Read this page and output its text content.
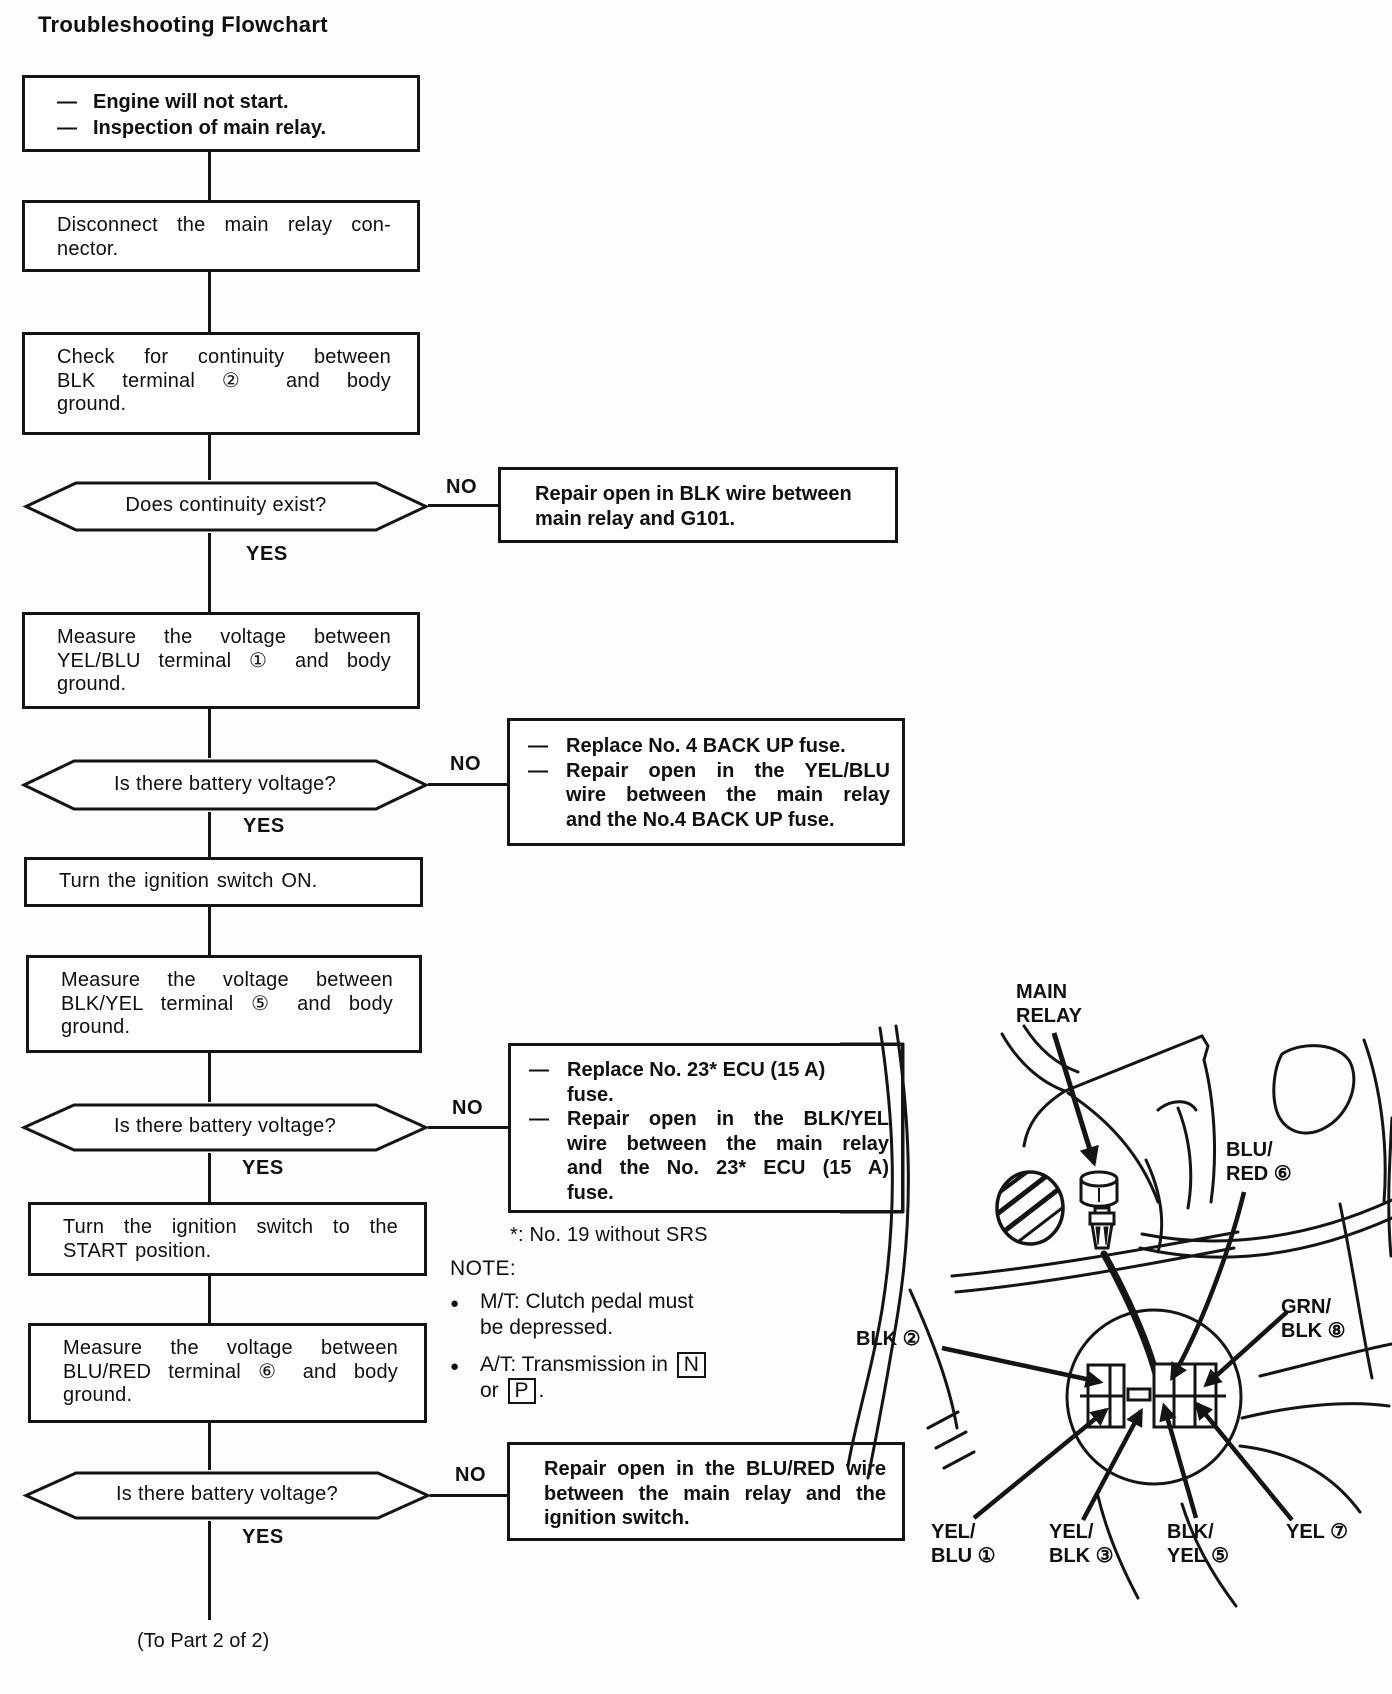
Troubleshooting Flowchart
— Engine will not start.
— Inspection of main relay.
Disconnect the main relay con-
nector.
Check for continuity between
BLK terminal ② and body
ground.
Measure the voltage between
YEL/BLU terminal ① and body
ground.
Turn the ignition switch ON.
Measure the voltage between
BLK/YEL terminal ⑤ and body
ground.
Turn the ignition switch to the
START position.
Measure the voltage between
BLU/RED terminal ⑥ and body
ground.
Does continuity exist?
Is there battery voltage?
Is there battery voltage?
Is there battery voltage?
Repair open in BLK wire between
main relay and G101.
— Replace No. 4 BACK UP fuse.
— Repair open in the YEL/BLU
wire between the main relay
and the No.4 BACK UP fuse.
— Replace No. 23* ECU (15 A)
fuse.
— Repair open in the BLK/YEL
wire between the main relay
and the No. 23* ECU (15 A)
fuse.
Repair open in the BLU/RED wire
between the main relay and the
ignition switch.
YES
YES
YES
YES
NO
NO
NO
NO
*: No. 19 without SRS
NOTE:
● M/T: Clutch pedal must
be depressed.
● A/T: Transmission in N
or P .
(To Part 2 of 2)
MAIN
RELAY
BLU/
RED ⑥
GRN/
BLK ⑧
BLK ②
YEL/
BLU ①
YEL/
BLK ③
BLK/
YEL ⑤
YEL ⑦
